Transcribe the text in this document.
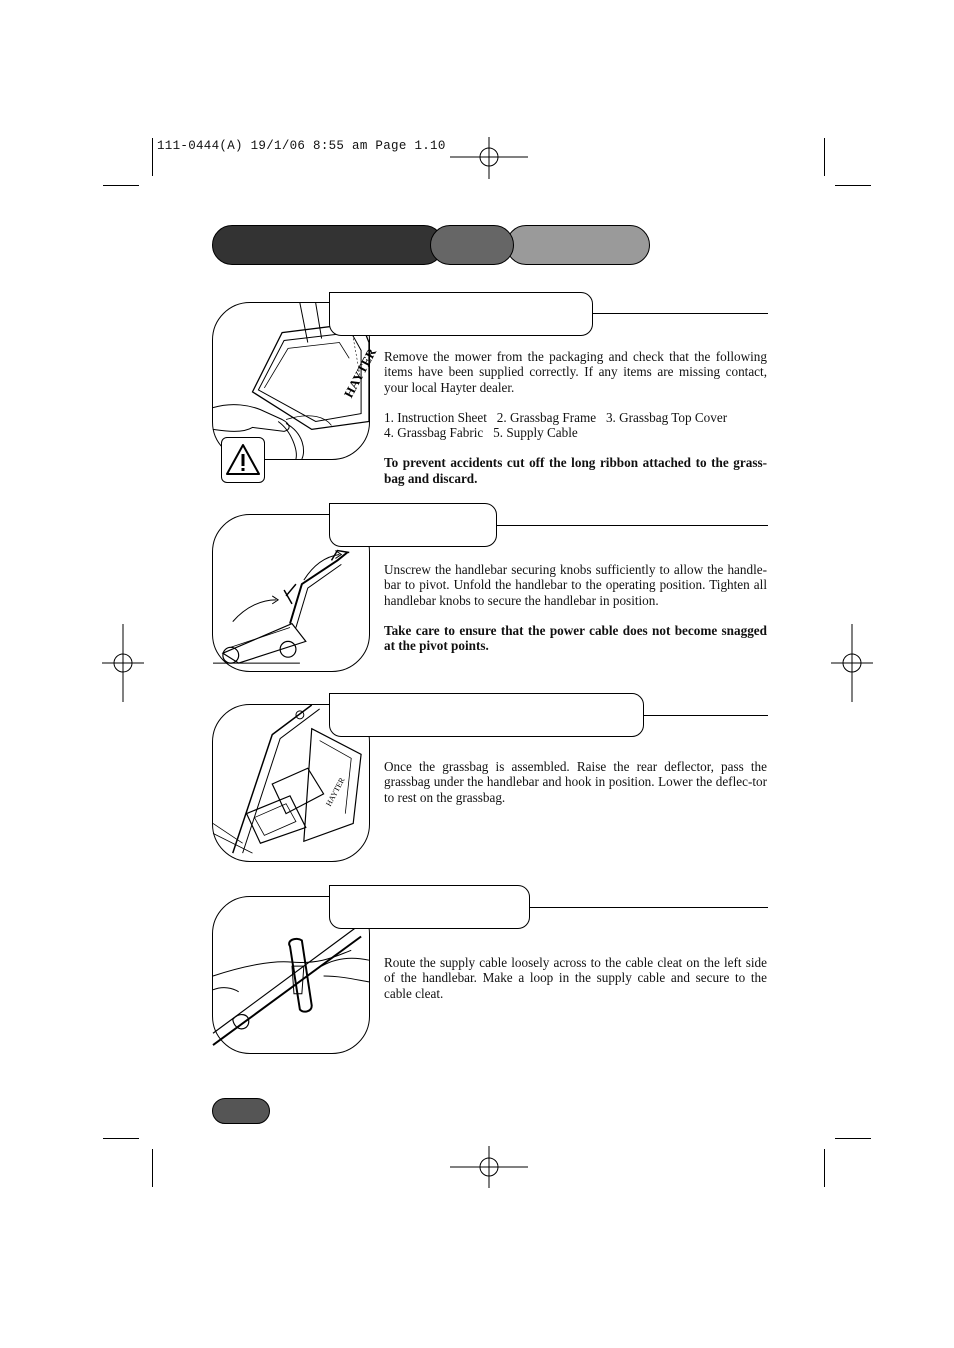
111-0444(A) 19/1/06 8:55 am Page 1.10
HAYTER Remove the mower from the packaging and check that the following items have been supplied correctly. If any items are missing contact, your local Hayter dealer.

1. Instruction Sheet   2. Grassbag Frame   3. Grassbag Top Cover

4. Grassbag Fabric   5. Supply Cable

To prevent accidents cut off the long ribbon attached to the grass-bag and discard.

Unscrew the handlebar securing knobs sufficiently to allow the handle-bar to pivot. Unfold the handlebar to the operating position. Tighten all handlebar knobs to secure the handlebar in position.

Take care to ensure that the power cable does not become snagged at the pivot points.

HAYTER

Once the grassbag is assembled. Raise the rear deflector, pass the grassbag under the handlebar and hook in position. Lower the deflec-tor to rest on the grassbag.

Route the supply cable loosely across to the cable cleat on the left side of the handlebar. Make a loop in the supply cable and secure to the cable cleat.
